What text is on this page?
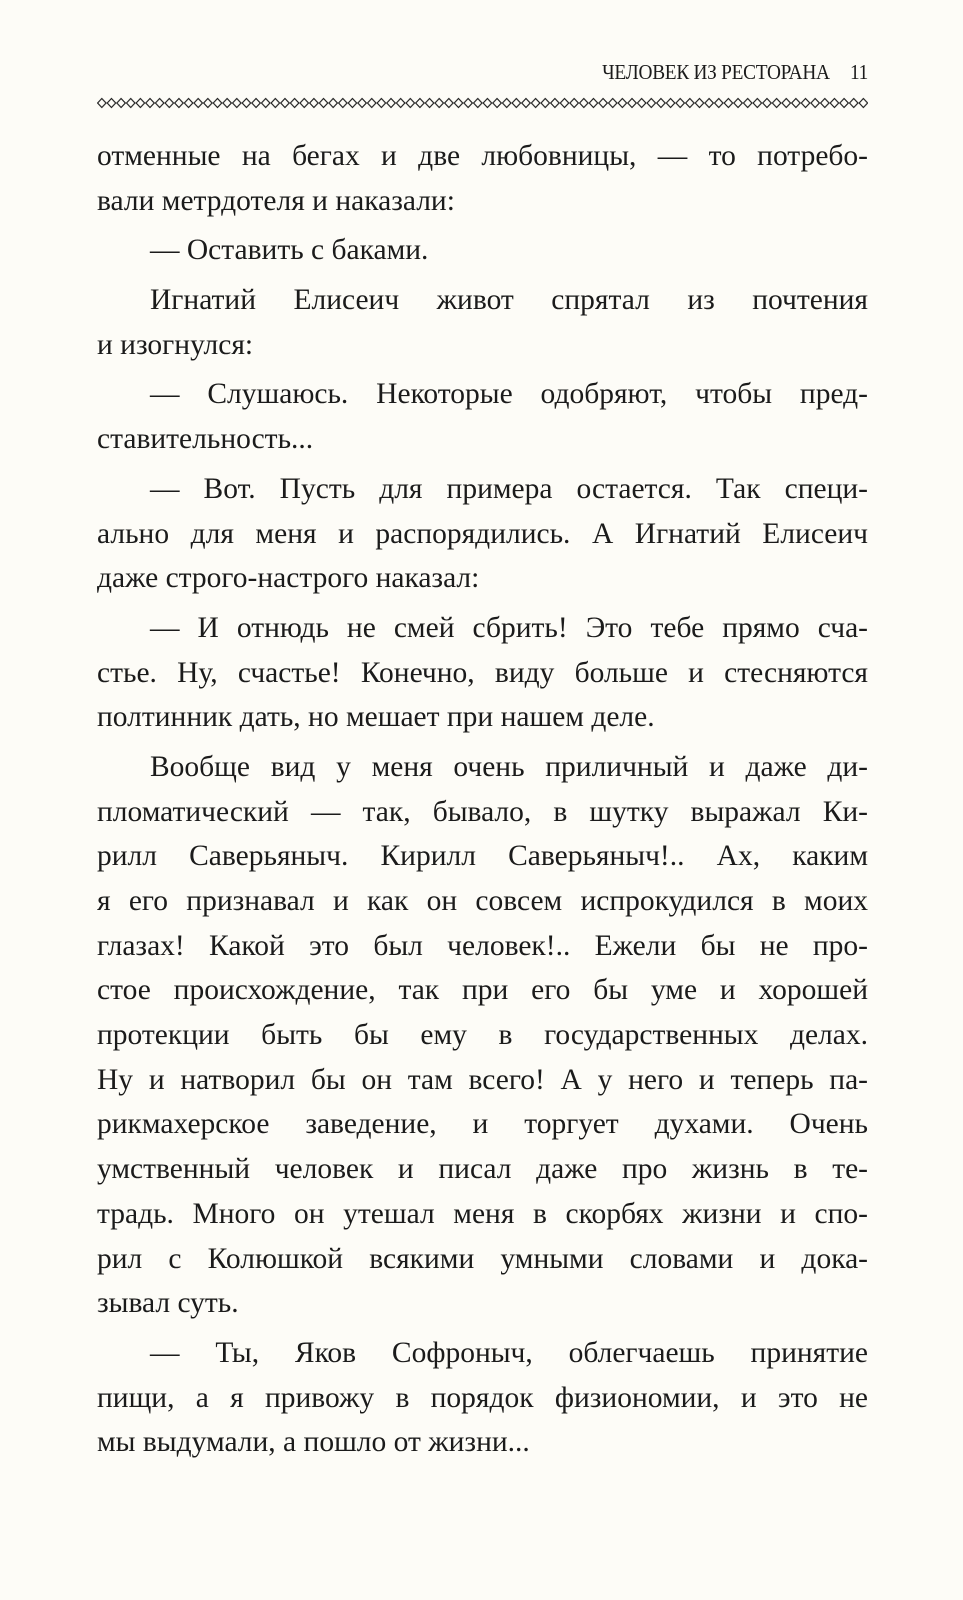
ЧЕЛОВЕК ИЗ РЕСТОРАНА 11
отменные на бегах и две любовницы, — то потребо-
вали метрдотеля и наказали:
— Оставить с баками.
Игнатий Елисеич живот спрятал из почтения
и изогнулся:
— Слушаюсь. Некоторые одобряют, чтобы пред-
ставительность...
— Вот. Пусть для примера остается. Так специ-
ально для меня и распорядились. А Игнатий Елисеич
даже строго-настрого наказал:
— И отнюдь не смей сбрить! Это тебе прямо сча-
стье. Ну, счастье! Конечно, виду больше и стесняются
полтинник дать, но мешает при нашем деле.
Вообще вид у меня очень приличный и даже ди-
пломатический — так, бывало, в шутку выражал Ки-
рилл Саверьяныч. Кирилл Саверьяныч!.. Ах, каким
я его признавал и как он совсем испрокудился в моих
глазах! Какой это был человек!.. Ежели бы не про-
стое происхождение, так при его бы уме и хорошей
протекции быть бы ему в государственных делах.
Ну и натворил бы он там всего! А у него и теперь па-
рикмахерское заведение, и торгует духами. Очень
умственный человек и писал даже про жизнь в те-
традь. Много он утешал меня в скорбях жизни и спо-
рил с Колюшкой всякими умными словами и дока-
зывал суть.
— Ты, Яков Софроныч, облегчаешь принятие
пищи, а я привожу в порядок физиономии, и это не
мы выдумали, а пошло от жизни...
